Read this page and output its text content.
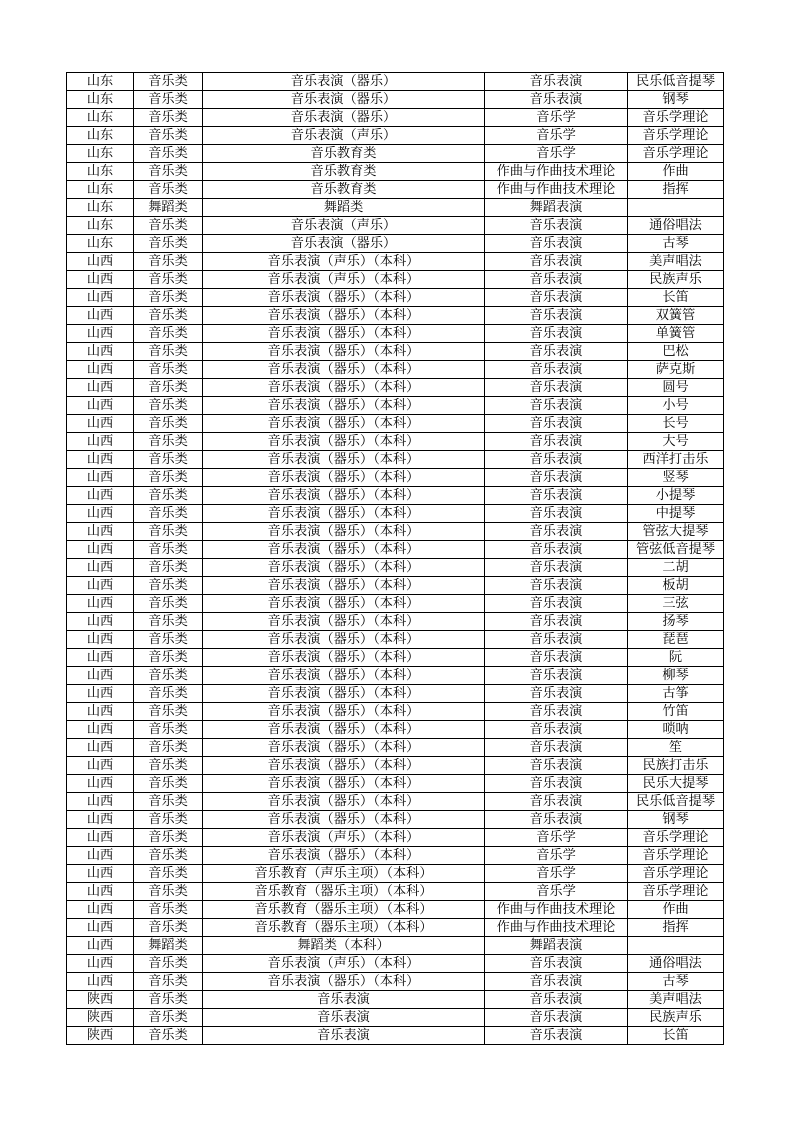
山东	音乐类	音乐表演（器乐）	音乐表演	民乐低音提琴
山东	音乐类	音乐表演（器乐）	音乐表演	钢琴
山东	音乐类	音乐表演（器乐）	音乐学	音乐学理论
山东	音乐类	音乐表演（声乐）	音乐学	音乐学理论
山东	音乐类	音乐教育类	音乐学	音乐学理论
山东	音乐类	音乐教育类	作曲与作曲技术理论	作曲
山东	音乐类	音乐教育类	作曲与作曲技术理论	指挥
山东	舞蹈类	舞蹈类	舞蹈表演	
山东	音乐类	音乐表演（声乐）	音乐表演	通俗唱法
山东	音乐类	音乐表演（器乐）	音乐表演	古琴
山西	音乐类	音乐表演（声乐）（本科）	音乐表演	美声唱法
山西	音乐类	音乐表演（声乐）（本科）	音乐表演	民族声乐
山西	音乐类	音乐表演（器乐）（本科）	音乐表演	长笛
山西	音乐类	音乐表演（器乐）（本科）	音乐表演	双簧管
山西	音乐类	音乐表演（器乐）（本科）	音乐表演	单簧管
山西	音乐类	音乐表演（器乐）（本科）	音乐表演	巴松
山西	音乐类	音乐表演（器乐）（本科）	音乐表演	萨克斯
山西	音乐类	音乐表演（器乐）（本科）	音乐表演	圆号
山西	音乐类	音乐表演（器乐）（本科）	音乐表演	小号
山西	音乐类	音乐表演（器乐）（本科）	音乐表演	长号
山西	音乐类	音乐表演（器乐）（本科）	音乐表演	大号
山西	音乐类	音乐表演（器乐）（本科）	音乐表演	西洋打击乐
山西	音乐类	音乐表演（器乐）（本科）	音乐表演	竖琴
山西	音乐类	音乐表演（器乐）（本科）	音乐表演	小提琴
山西	音乐类	音乐表演（器乐）（本科）	音乐表演	中提琴
山西	音乐类	音乐表演（器乐）（本科）	音乐表演	管弦大提琴
山西	音乐类	音乐表演（器乐）（本科）	音乐表演	管弦低音提琴
山西	音乐类	音乐表演（器乐）（本科）	音乐表演	二胡
山西	音乐类	音乐表演（器乐）（本科）	音乐表演	板胡
山西	音乐类	音乐表演（器乐）（本科）	音乐表演	三弦
山西	音乐类	音乐表演（器乐）（本科）	音乐表演	扬琴
山西	音乐类	音乐表演（器乐）（本科）	音乐表演	琵琶
山西	音乐类	音乐表演（器乐）（本科）	音乐表演	阮
山西	音乐类	音乐表演（器乐）（本科）	音乐表演	柳琴
山西	音乐类	音乐表演（器乐）（本科）	音乐表演	古筝
山西	音乐类	音乐表演（器乐）（本科）	音乐表演	竹笛
山西	音乐类	音乐表演（器乐）（本科）	音乐表演	唢呐
山西	音乐类	音乐表演（器乐）（本科）	音乐表演	笙
山西	音乐类	音乐表演（器乐）（本科）	音乐表演	民族打击乐
山西	音乐类	音乐表演（器乐）（本科）	音乐表演	民乐大提琴
山西	音乐类	音乐表演（器乐）（本科）	音乐表演	民乐低音提琴
山西	音乐类	音乐表演（器乐）（本科）	音乐表演	钢琴
山西	音乐类	音乐表演（声乐）（本科）	音乐学	音乐学理论
山西	音乐类	音乐表演（器乐）（本科）	音乐学	音乐学理论
山西	音乐类	音乐教育（声乐主项）（本科）	音乐学	音乐学理论
山西	音乐类	音乐教育（器乐主项）（本科）	音乐学	音乐学理论
山西	音乐类	音乐教育（器乐主项）（本科）	作曲与作曲技术理论	作曲
山西	音乐类	音乐教育（器乐主项）（本科）	作曲与作曲技术理论	指挥
山西	舞蹈类	舞蹈类（本科）	舞蹈表演	
山西	音乐类	音乐表演（声乐）（本科）	音乐表演	通俗唱法
山西	音乐类	音乐表演（器乐）（本科）	音乐表演	古琴
陕西	音乐类	音乐表演	音乐表演	美声唱法
陕西	音乐类	音乐表演	音乐表演	民族声乐
陕西	音乐类	音乐表演	音乐表演	长笛
